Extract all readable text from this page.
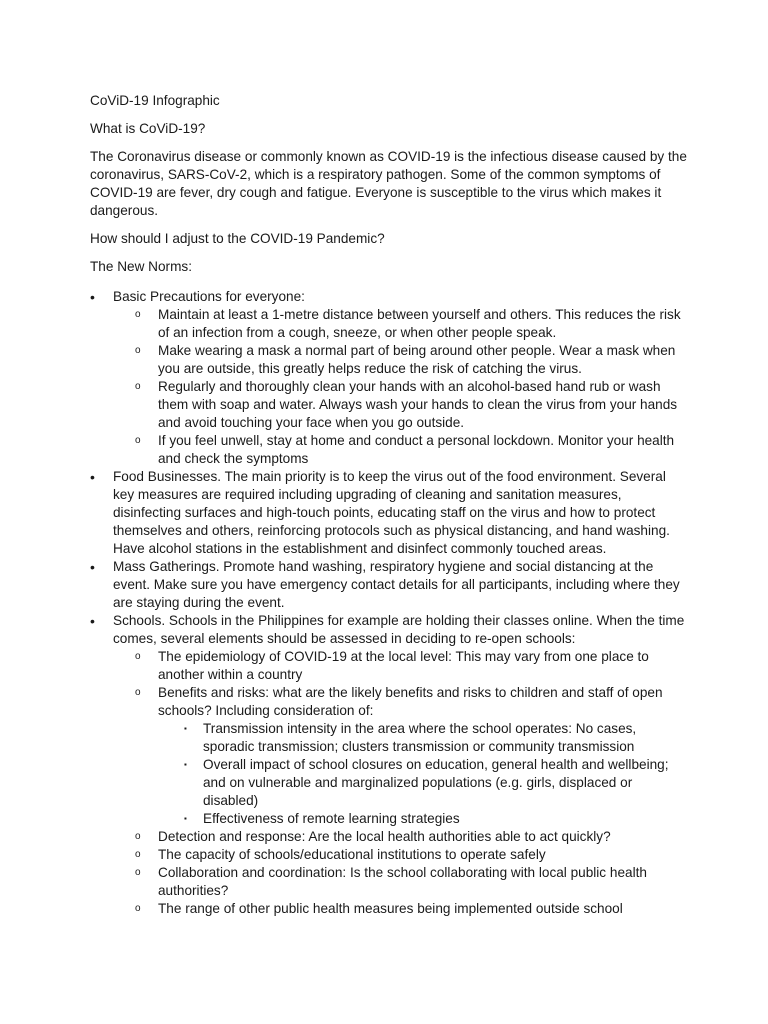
CoViD-19 Infographic

What is CoViD-19?

The Coronavirus disease or commonly known as COVID-19 is the infectious disease caused by the coronavirus, SARS-CoV-2, which is a respiratory pathogen. Some of the common symptoms of COVID-19 are fever, dry cough and fatigue. Everyone is susceptible to the virus which makes it dangerous.

How should I adjust to the COVID-19 Pandemic?

The New Norms:

• Basic Precautions for everyone:
o Maintain at least a 1-metre distance between yourself and others. This reduces the risk of an infection from a cough, sneeze, or when other people speak.
o Make wearing a mask a normal part of being around other people. Wear a mask when you are outside, this greatly helps reduce the risk of catching the virus.
o Regularly and thoroughly clean your hands with an alcohol-based hand rub or wash them with soap and water. Always wash your hands to clean the virus from your hands and avoid touching your face when you go outside.
o If you feel unwell, stay at home and conduct a personal lockdown. Monitor your health and check the symptoms
• Food Businesses. The main priority is to keep the virus out of the food environment. Several key measures are required including upgrading of cleaning and sanitation measures, disinfecting surfaces and high-touch points, educating staff on the virus and how to protect themselves and others, reinforcing protocols such as physical distancing, and hand washing. Have alcohol stations in the establishment and disinfect commonly touched areas.
• Mass Gatherings. Promote hand washing, respiratory hygiene and social distancing at the event. Make sure you have emergency contact details for all participants, including where they are staying during the event.
• Schools. Schools in the Philippines for example are holding their classes online. When the time comes, several elements should be assessed in deciding to re-open schools:
o The epidemiology of COVID-19 at the local level: This may vary from one place to another within a country
o Benefits and risks: what are the likely benefits and risks to children and staff of open schools? Including consideration of:
▪ Transmission intensity in the area where the school operates: No cases, sporadic transmission; clusters transmission or community transmission
▪ Overall impact of school closures on education, general health and wellbeing; and on vulnerable and marginalized populations (e.g. girls, displaced or disabled)
▪ Effectiveness of remote learning strategies
o Detection and response: Are the local health authorities able to act quickly?
o The capacity of schools/educational institutions to operate safely
o Collaboration and coordination: Is the school collaborating with local public health authorities?
o The range of other public health measures being implemented outside school
